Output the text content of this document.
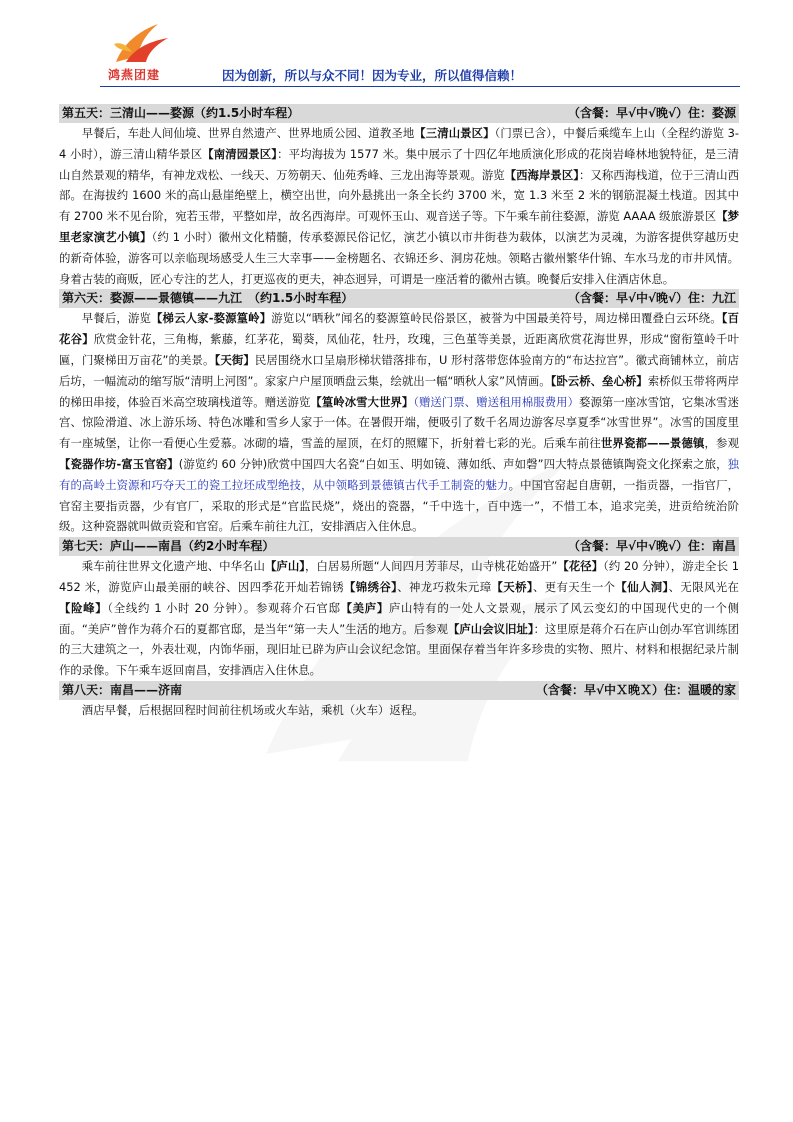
鸿燕团建	因为创新，所以与众不同！因为专业，所以值得信赖！
第五天：三清山——婺源（约1.5小时车程）	（含餐：早√中√晚√）住：婺源

早餐后，车赴人间仙境、世界自然遗产、世界地质公园、道教圣地【三清山景区】（门票已含），中餐后乘缆车上山（全程约游览 3-4 小时），游三清山精华景区【南清园景区】：平均海拔为 1577 米。集中展示了十四亿年地质演化形成的花岗岩峰林地貌特征，是三清山自然景观的精华，有神龙戏松、一线天、万笏朝天、仙苑秀峰、三龙出海等景观。游览【西海岸景区】：又称西海栈道，位于三清山西部。在海拔约 1600 米的高山悬崖绝壁上，横空出世，向外悬挑出一条全长约 3700 米，宽 1.3 米至 2 米的钢筋混凝土栈道。因其中有 2700 米不见台阶，宛若玉带，平整如岸，故名西海岸。可观怀玉山、观音送子等。下午乘车前往婺源，游览 AAAA 级旅游景区【梦里老家演艺小镇】（约 1 小时）徽州文化精髓，传承婺源民俗记忆，演艺小镇以市井街巷为载体，以演艺为灵魂，为游客提供穿越历史的新奇体验，游客可以亲临现场感受人生三大幸事——金榜题名、衣锦还乡、洞房花烛。领略古徽州繁华什锦、车水马龙的市井风情。身着古装的商贩，匠心专注的艺人，打更巡夜的更夫，神态迥异，可谓是一座活着的徽州古镇。晚餐后安排入住酒店休息。

第六天：婺源——景德镇——九江　（约1.5小时车程）	（含餐：早√中√晚√）住：九江

早餐后，游览【梯云人家-婺源篁岭】游览以“晒秋”闻名的婺源篁岭民俗景区，被誉为中国最美符号，周边梯田覆叠白云环绕。【百花谷】欣赏金针花，三角梅，紫藤，红茅花，蜀葵，凤仙花，牡丹，玫瑰，三色堇等美景，近距离欣赏花海世界，形成“窗衔篁岭千叶匾，门聚梯田万亩花”的美景。【天街】民居围绕水口呈扇形梯状错落排布，U 形村落带您体验南方的“布达拉宫”。徽式商铺林立，前店后坊，一幅流动的缩写版“清明上河图”。家家户户屋顶晒盘云集，绘就出一幅“晒秋人家”风情画。【卧云桥、垒心桥】索桥似玉带将两岸的梯田串接，体验百米高空玻璃栈道等。赠送游览【篁岭冰雪大世界】（赠送门票、赠送租用棉服费用）婺源第一座冰雪馆，它集冰雪迷宫、惊险滑道、冰上游乐场、特色冰雕和雪乡人家于一体。在暑假开端，便吸引了数千名周边游客尽享夏季“冰雪世界”。冰雪的国度里有一座城堡，让你一看便心生爱慕。冰砌的墙，雪盖的屋顶，在灯的照耀下，折射着七彩的光。后乘车前往世界瓷都——景德镇，参观【瓷器作坊-富玉官窑】(游览约 60 分钟)欣赏中国四大名瓷“白如玉、明如镜、薄如纸、声如磬”四大特点景德镇陶瓷文化探索之旅，独有的高岭土资源和巧夺天工的瓷工拉坯成型绝技，从中领略到景德镇古代手工制瓷的魅力。中国官窑起自唐朝，一指贡器，一指官厂，官窑主要指贡器，少有官厂，采取的形式是“官监民烧”，烧出的瓷器，“千中选十，百中选一”，不惜工本，追求完美，进贡给统治阶级。这种瓷器就叫做贡瓷和官窑。后乘车前往九江，安排酒店入住休息。

第七天：庐山——南昌（约2小时车程）	（含餐：早√中√晚√）住：南昌

乘车前往世界文化遗产地、中华名山【庐山】，白居易所题“人间四月芳菲尽，山寺桃花始盛开”【花径】（约 20 分钟），游走全长 1452 米，游览庐山最美丽的峡谷、因四季花开灿若锦锈【锦绣谷】、神龙巧救朱元璋【天桥】、更有天生一个【仙人洞】、无限风光在【险峰】（全线约 1 小时 20 分钟）。参观蒋介石官邸【美庐】庐山特有的一处人文景观，展示了风云变幻的中国现代史的一个侧面。“美庐”曾作为蒋介石的夏都官邸，是当年“第一夫人”生活的地方。后参观【庐山会议旧址】：这里原是蒋介石在庐山创办军官训练团的三大建筑之一，外表壮观，内饰华丽，现旧址已辟为庐山会议纪念馆。里面保存着当年许多珍贵的实物、照片、材料和根据纪录片制作的录像。下午乘车返回南昌，安排酒店入住休息。

第八天：南昌——济南	（含餐：早√中Ｘ晚Ｘ）住：温暖的家

酒店早餐，后根据回程时间前往机场或火车站，乘机（火车）返程。
